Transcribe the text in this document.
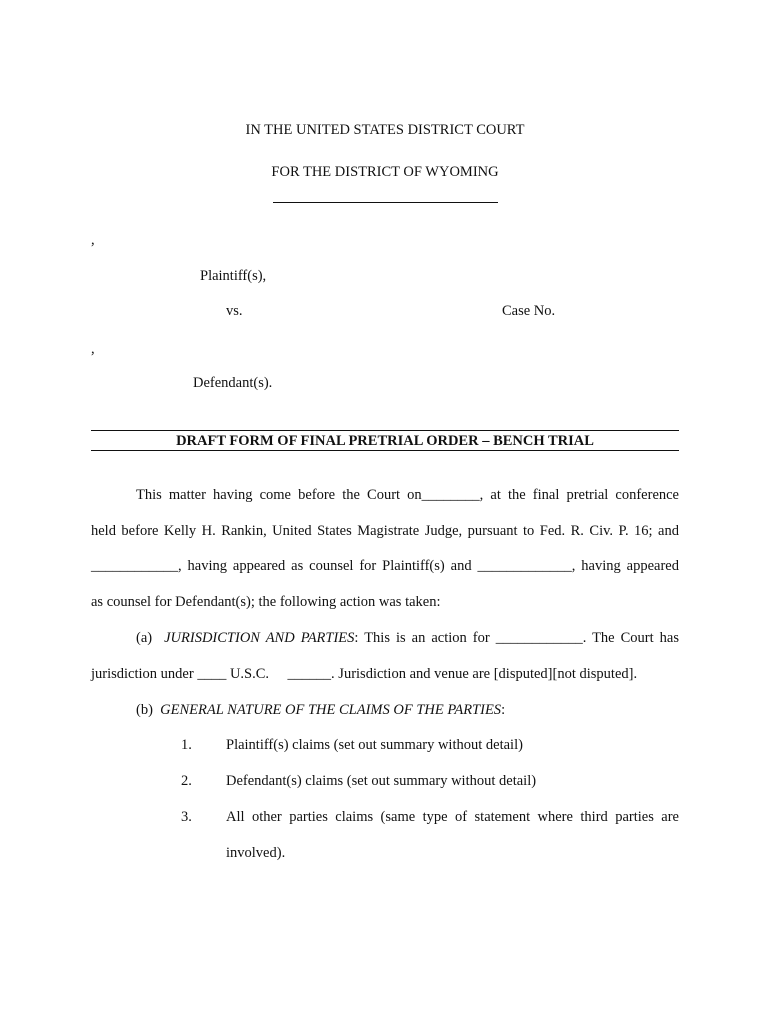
IN THE UNITED STATES DISTRICT COURT
FOR THE DISTRICT OF WYOMING
,
Plaintiff(s),
vs.	Case No.
,
Defendant(s).
DRAFT FORM OF FINAL PRETRIAL ORDER – BENCH TRIAL
This matter having come before the Court on________, at the final pretrial conference
held before Kelly H. Rankin, United States Magistrate Judge, pursuant to Fed. R. Civ. P. 16; and
____________, having appeared as counsel for Plaintiff(s) and _____________, having appeared
as counsel for Defendant(s); the following action was taken:
(a) JURISDICTION AND PARTIES: This is an action for ____________. The Court has
jurisdiction under ____ U.S.C. ______. Jurisdiction and venue are [disputed][not disputed].
(b) GENERAL NATURE OF THE CLAIMS OF THE PARTIES:
1. Plaintiff(s) claims (set out summary without detail)
2. Defendant(s) claims (set out summary without detail)
3. All other parties claims (same type of statement where third parties are
involved).
